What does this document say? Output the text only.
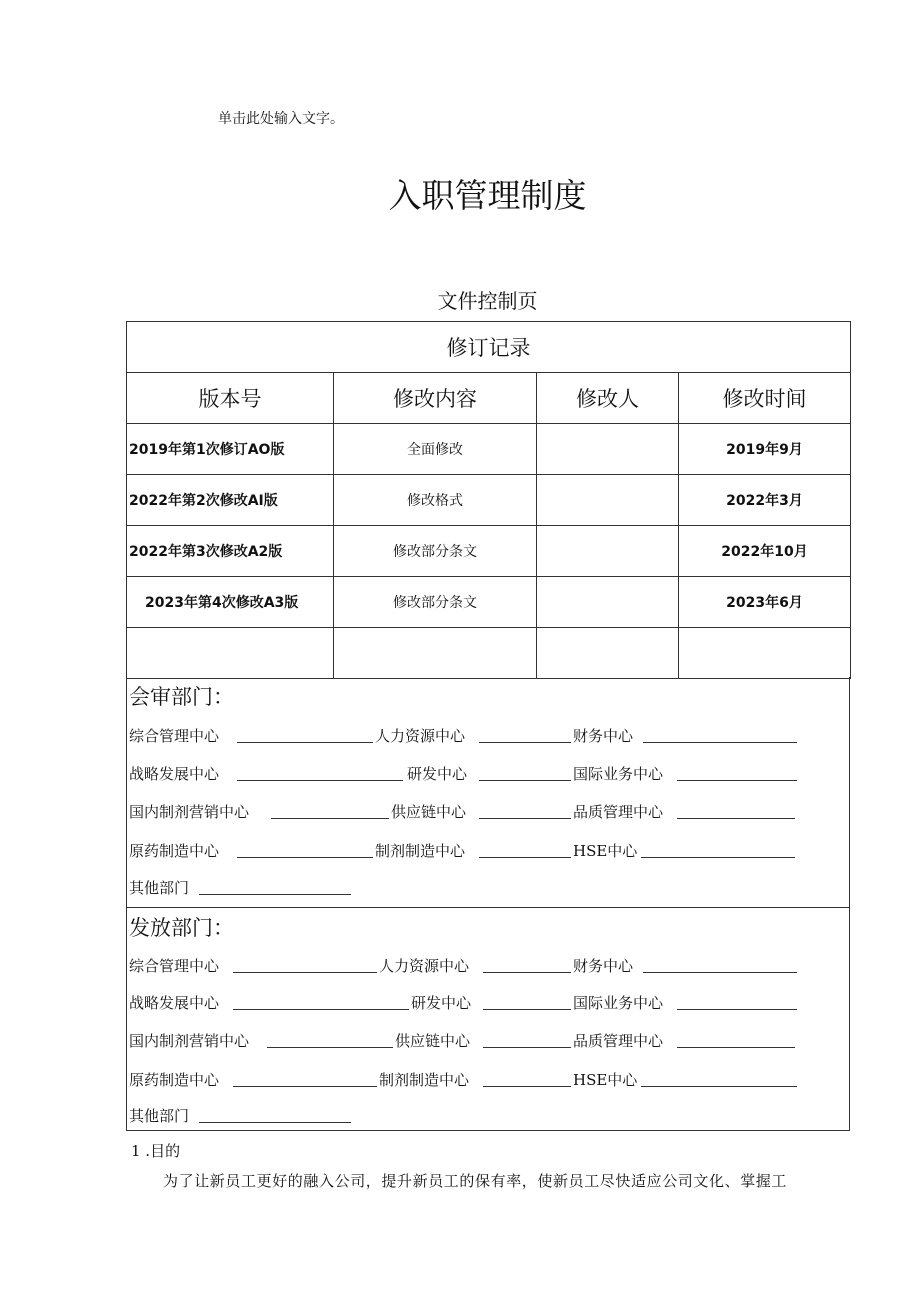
单击此处输入文字。
入职管理制度
文件控制页
修订记录			
版本号	修改内容	修改人	修改时间
2019年第1次修订AO版	全面修改		2019年9月
2022年第2次修改AI版	修改格式		2022年3月
2022年第3次修改A2版	修改部分条文		2022年10月
2023年第4次修改A3版	修改部分条文		2023年6月

会审部门：
综合管理中心	人力资源中心	财务中心
战略发展中心	研发中心	国际业务中心
国内制剂营销中心	供应链中心	品质管理中心
原药制造中心	制剂制造中心	HSE中心
其他部门
发放部门：
综合管理中心	人力资源中心	财务中心
战略发展中心	研发中心	国际业务中心
国内制剂营销中心	供应链中心	品质管理中心
原药制造中心	制剂制造中心	HSE中心
其他部门
1 .目的
为了让新员工更好的融入公司，提升新员工的保有率，使新员工尽快适应公司文化、掌握工
